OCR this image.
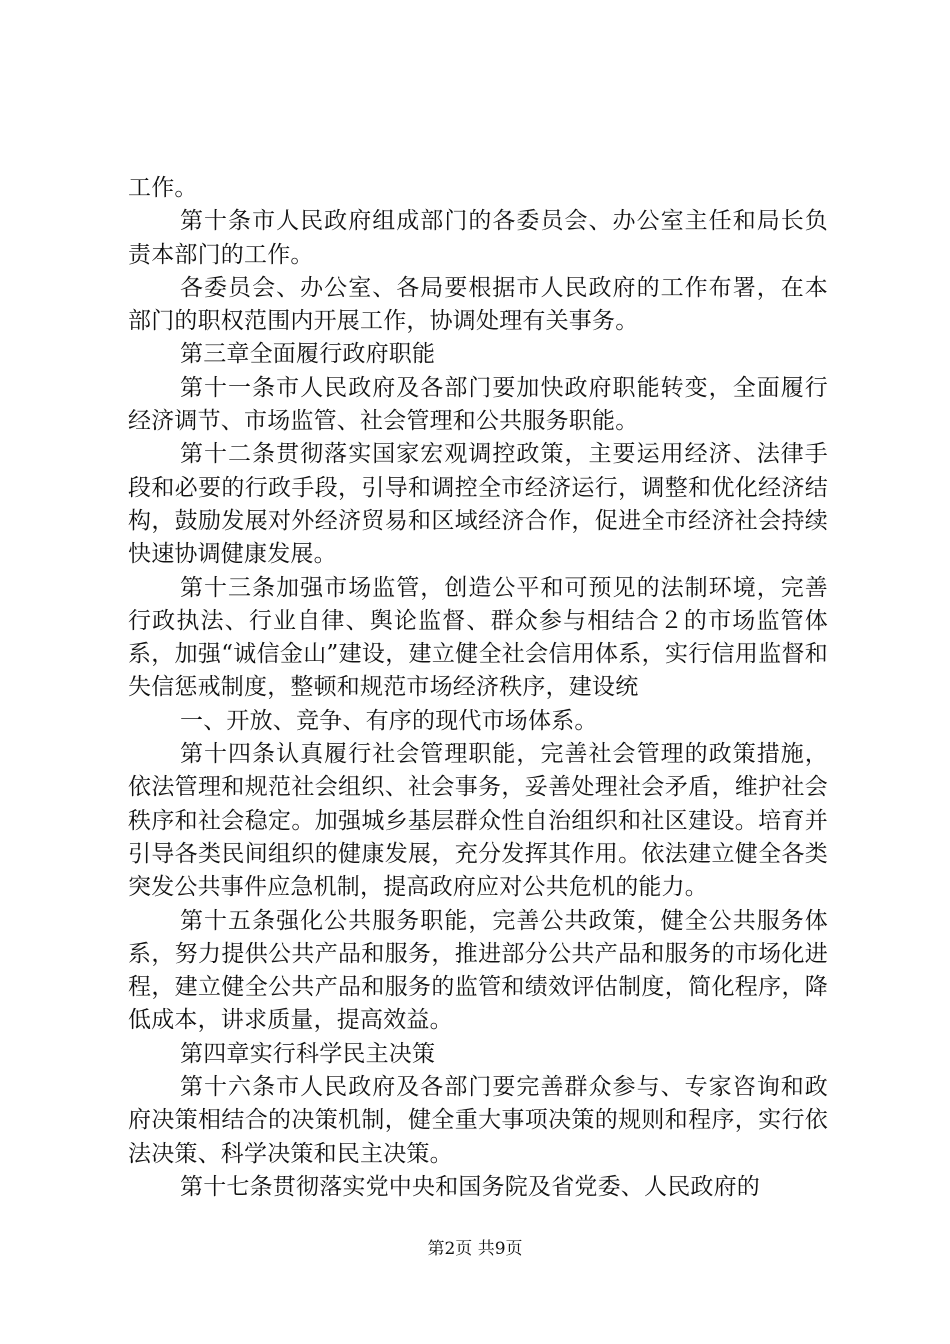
工作。

第十条市人民政府组成部门的各委员会、办公室主任和局长负责本部门的工作。

各委员会、办公室、各局要根据市人民政府的工作布署，在本部门的职权范围内开展工作，协调处理有关事务。

第三章全面履行政府职能

第十一条市人民政府及各部门要加快政府职能转变，全面履行经济调节、市场监管、社会管理和公共服务职能。

第十二条贯彻落实国家宏观调控政策，主要运用经济、法律手段和必要的行政手段，引导和调控全市经济运行，调整和优化经济结构，鼓励发展对外经济贸易和区域经济合作，促进全市经济社会持续快速协调健康发展。

第十三条加强市场监管，创造公平和可预见的法制环境，完善行政执法、行业自律、舆论监督、群众参与相结合２的市场监管体系，加强“诚信金山”建设，建立健全社会信用体系，实行信用监督和失信惩戒制度，整顿和规范市场经济秩序，建设统

一、开放、竞争、有序的现代市场体系。

第十四条认真履行社会管理职能，完善社会管理的政策措施，依法管理和规范社会组织、社会事务，妥善处理社会矛盾，维护社会秩序和社会稳定。加强城乡基层群众性自治组织和社区建设。培育并引导各类民间组织的健康发展，充分发挥其作用。依法建立健全各类突发公共事件应急机制，提高政府应对公共危机的能力。

第十五条强化公共服务职能，完善公共政策，健全公共服务体系，努力提供公共产品和服务，推进部分公共产品和服务的市场化进程，建立健全公共产品和服务的监管和绩效评估制度，简化程序，降低成本，讲求质量，提高效益。

第四章实行科学民主决策

第十六条市人民政府及各部门要完善群众参与、专家咨询和政府决策相结合的决策机制，健全重大事项决策的规则和程序，实行依法决策、科学决策和民主决策。

第十七条贯彻落实党中央和国务院及省党委、人民政府的

第2页 共9页
